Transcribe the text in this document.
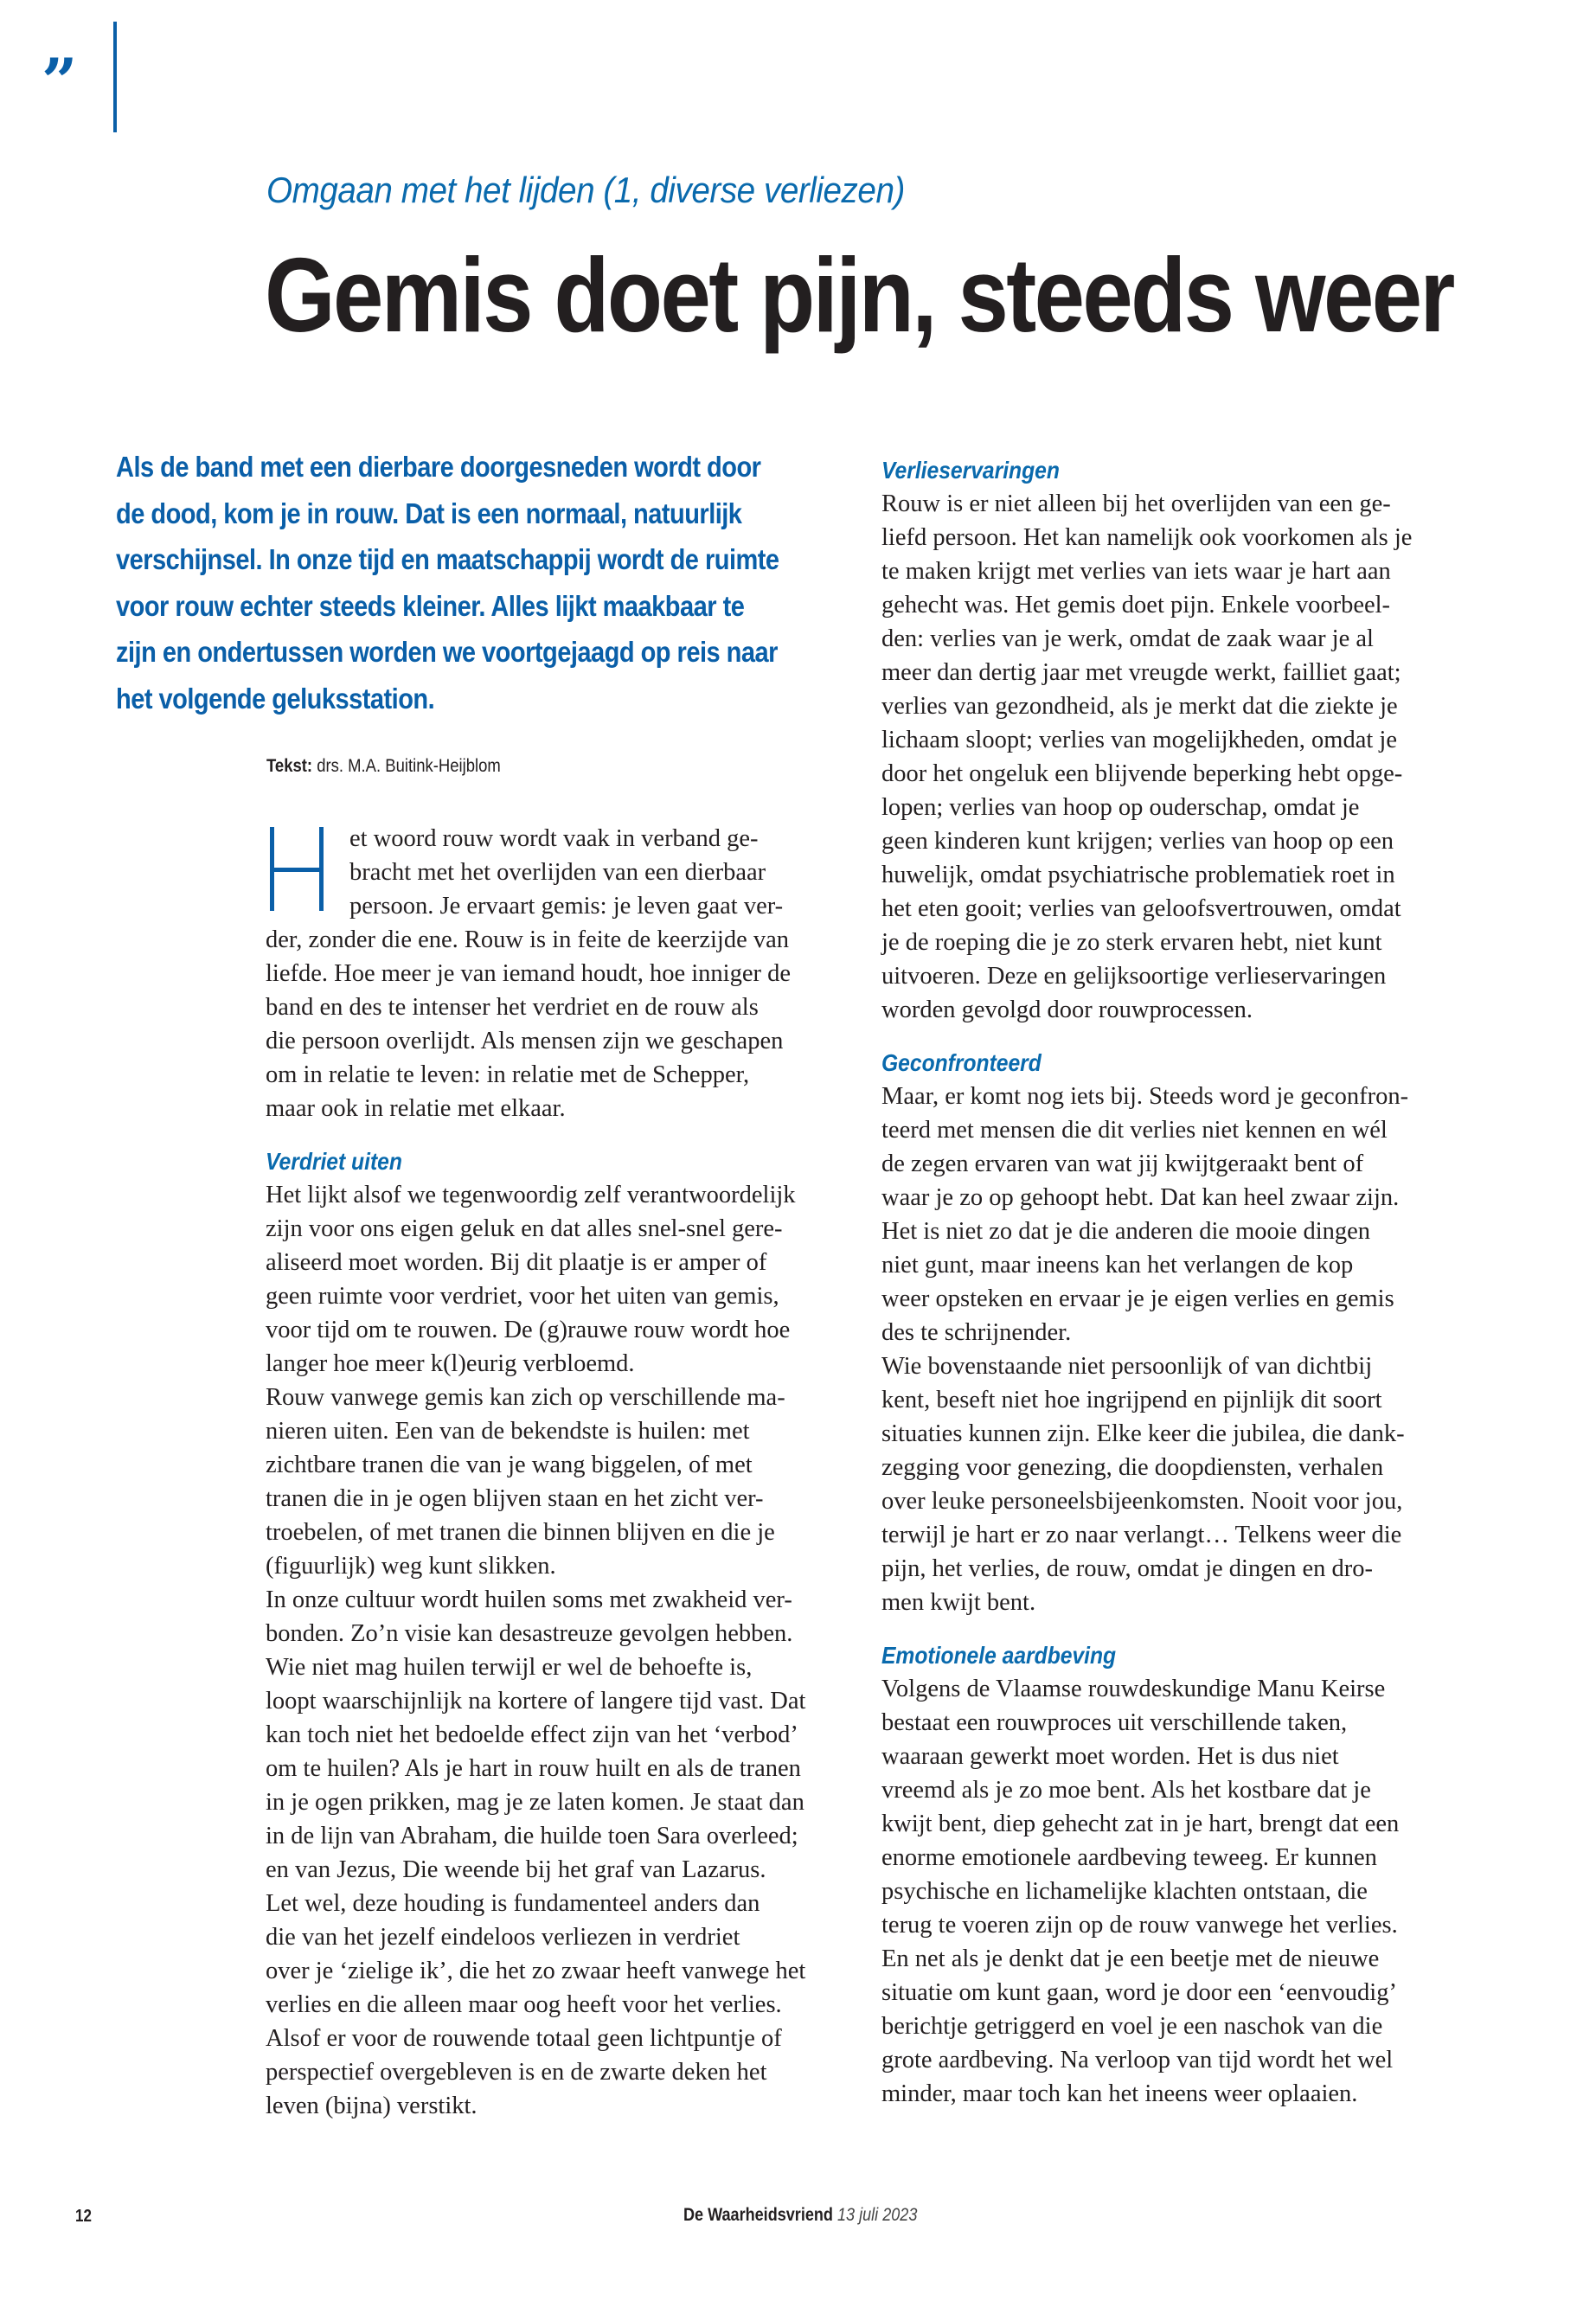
”
Omgaan met het lijden (1, diverse verliezen)
Gemis doet pijn, steeds weer
Als de band met een dierbare doorgesneden wordt door
de dood, kom je in rouw. Dat is een normaal, natuurlijk
verschijnsel. In onze tijd en maatschappij wordt de ruimte
voor rouw echter steeds kleiner. Alles lijkt maakbaar te
zijn en ondertussen worden we voortgejaagd op reis naar
het volgende geluksstation.
Tekst: drs. M.A. Buitink-Heijblom
et woord rouw wordt vaak in verband ge-
bracht met het overlijden van een dierbaar
persoon. Je ervaart gemis: je leven gaat ver-
der, zonder die ene. Rouw is in feite de keerzijde van
liefde. Hoe meer je van iemand houdt, hoe inniger de
band en des te intenser het verdriet en de rouw als
die persoon overlijdt. Als mensen zijn we geschapen
om in relatie te leven: in relatie met de Schepper,
maar ook in relatie met elkaar.
Verdriet uiten
Het lijkt alsof we tegenwoordig zelf verantwoordelijk
zijn voor ons eigen geluk en dat alles snel-snel gere-
aliseerd moet worden. Bij dit plaatje is er amper of
geen ruimte voor verdriet, voor het uiten van gemis,
voor tijd om te rouwen. De (g)rauwe rouw wordt hoe
langer hoe meer k(l)eurig verbloemd.
Rouw vanwege gemis kan zich op verschillende ma-
nieren uiten. Een van de bekendste is huilen: met
zichtbare tranen die van je wang biggelen, of met
tranen die in je ogen blijven staan en het zicht ver-
troebelen, of met tranen die binnen blijven en die je
(figuurlijk) weg kunt slikken.
In onze cultuur wordt huilen soms met zwakheid ver-
bonden. Zo’n visie kan desastreuze gevolgen hebben.
Wie niet mag huilen terwijl er wel de behoefte is,
loopt waarschijnlijk na kortere of langere tijd vast. Dat
kan toch niet het bedoelde effect zijn van het ‘verbod’
om te huilen? Als je hart in rouw huilt en als de tranen
in je ogen prikken, mag je ze laten komen. Je staat dan
in de lijn van Abraham, die huilde toen Sara overleed;
en van Jezus, Die weende bij het graf van Lazarus.
Let wel, deze houding is fundamenteel anders dan
die van het jezelf eindeloos verliezen in verdriet
over je ‘zielige ik’, die het zo zwaar heeft vanwege het
verlies en die alleen maar oog heeft voor het verlies.
Alsof er voor de rouwende totaal geen lichtpuntje of
perspectief overgebleven is en de zwarte deken het
leven (bijna) verstikt.
Verlieservaringen
Rouw is er niet alleen bij het overlijden van een ge-
liefd persoon. Het kan namelijk ook voorkomen als je
te maken krijgt met verlies van iets waar je hart aan
gehecht was. Het gemis doet pijn. Enkele voorbeel-
den: verlies van je werk, omdat de zaak waar je al
meer dan dertig jaar met vreugde werkt, failliet gaat;
verlies van gezondheid, als je merkt dat die ziekte je
lichaam sloopt; verlies van mogelijkheden, omdat je
door het ongeluk een blijvende beperking hebt opge-
lopen; verlies van hoop op ouderschap, omdat je
geen kinderen kunt krijgen; verlies van hoop op een
huwelijk, omdat psychiatrische problematiek roet in
het eten gooit; verlies van geloofsvertrouwen, omdat
je de roeping die je zo sterk ervaren hebt, niet kunt
uitvoeren. Deze en gelijksoortige verlieservaringen
worden gevolgd door rouwprocessen.
Geconfronteerd
Maar, er komt nog iets bij. Steeds word je geconfron-
teerd met mensen die dit verlies niet kennen en wél
de zegen ervaren van wat jij kwijtgeraakt bent of
waar je zo op gehoopt hebt. Dat kan heel zwaar zijn.
Het is niet zo dat je die anderen die mooie dingen
niet gunt, maar ineens kan het verlangen de kop
weer opsteken en ervaar je je eigen verlies en gemis
des te schrijnender.
Wie bovenstaande niet persoonlijk of van dichtbij
kent, beseft niet hoe ingrijpend en pijnlijk dit soort
situaties kunnen zijn. Elke keer die jubilea, die dank-
zegging voor genezing, die doopdiensten, verhalen
over leuke personeelsbijeenkomsten. Nooit voor jou,
terwijl je hart er zo naar verlangt… Telkens weer die
pijn, het verlies, de rouw, omdat je dingen en dro-
men kwijt bent.
Emotionele aardbeving
Volgens de Vlaamse rouwdeskundige Manu Keirse
bestaat een rouwproces uit verschillende taken,
waaraan gewerkt moet worden. Het is dus niet
vreemd als je zo moe bent. Als het kostbare dat je
kwijt bent, diep gehecht zat in je hart, brengt dat een
enorme emotionele aardbeving teweeg. Er kunnen
psychische en lichamelijke klachten ontstaan, die
terug te voeren zijn op de rouw vanwege het verlies.
En net als je denkt dat je een beetje met de nieuwe
situatie om kunt gaan, word je door een ‘eenvoudig’
berichtje getriggerd en voel je een naschok van die
grote aardbeving. Na verloop van tijd wordt het wel
minder, maar toch kan het ineens weer oplaaien.
12	De Waarheidsvriend 13 juli 2023
